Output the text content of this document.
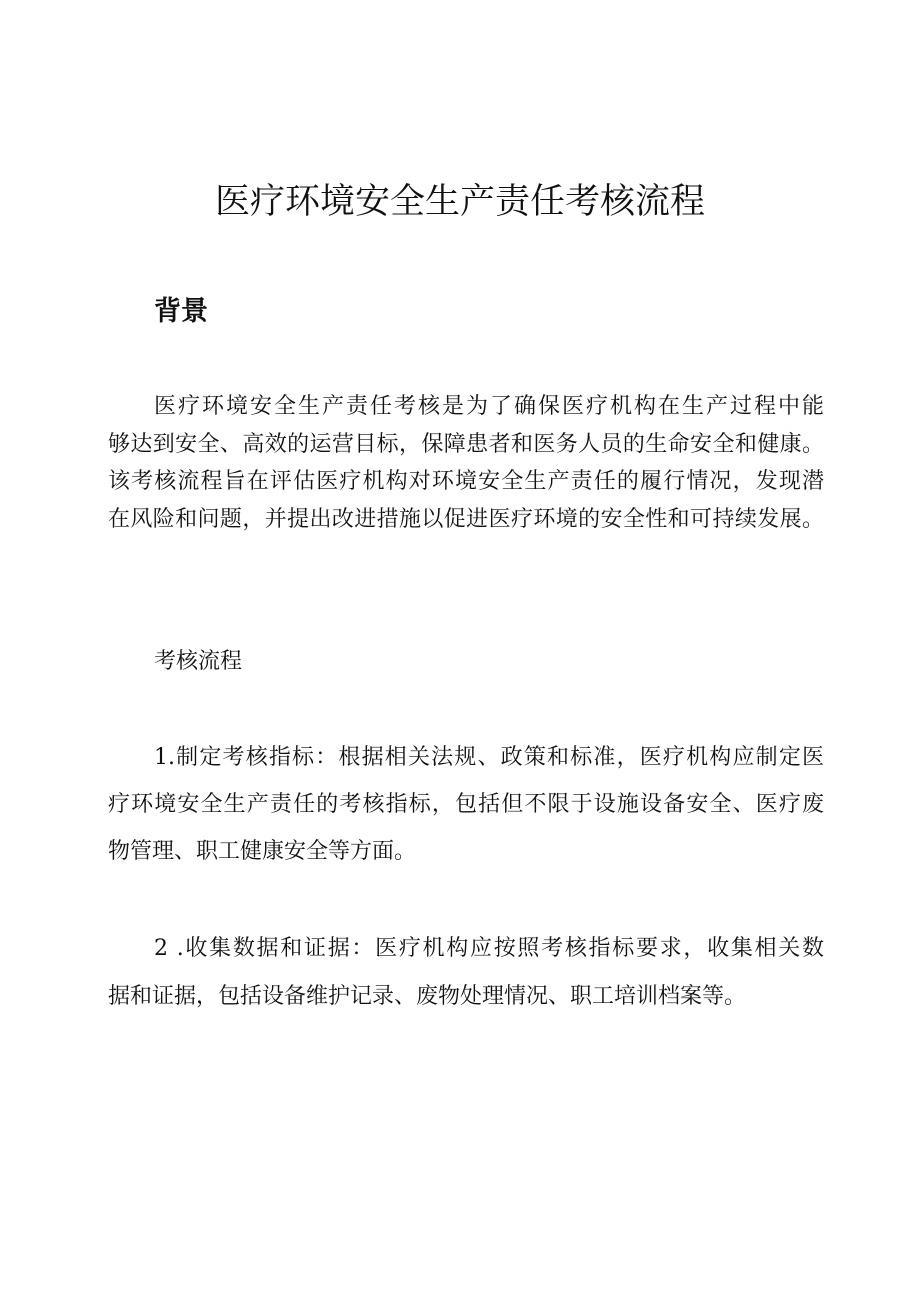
医疗环境安全生产责任考核流程
背景
医疗环境安全生产责任考核是为了确保医疗机构在生产过程中能
够达到安全、高效的运营目标，保障患者和医务人员的生命安全和健康。
该考核流程旨在评估医疗机构对环境安全生产责任的履行情况，发现潜
在风险和问题，并提出改进措施以促进医疗环境的安全性和可持续发展。
考核流程
1.制定考核指标：根据相关法规、政策和标准，医疗机构应制定医
疗环境安全生产责任的考核指标，包括但不限于设施设备安全、医疗废
物管理、职工健康安全等方面。
2 .收集数据和证据：医疗机构应按照考核指标要求，收集相关数
据和证据，包括设备维护记录、废物处理情况、职工培训档案等。
